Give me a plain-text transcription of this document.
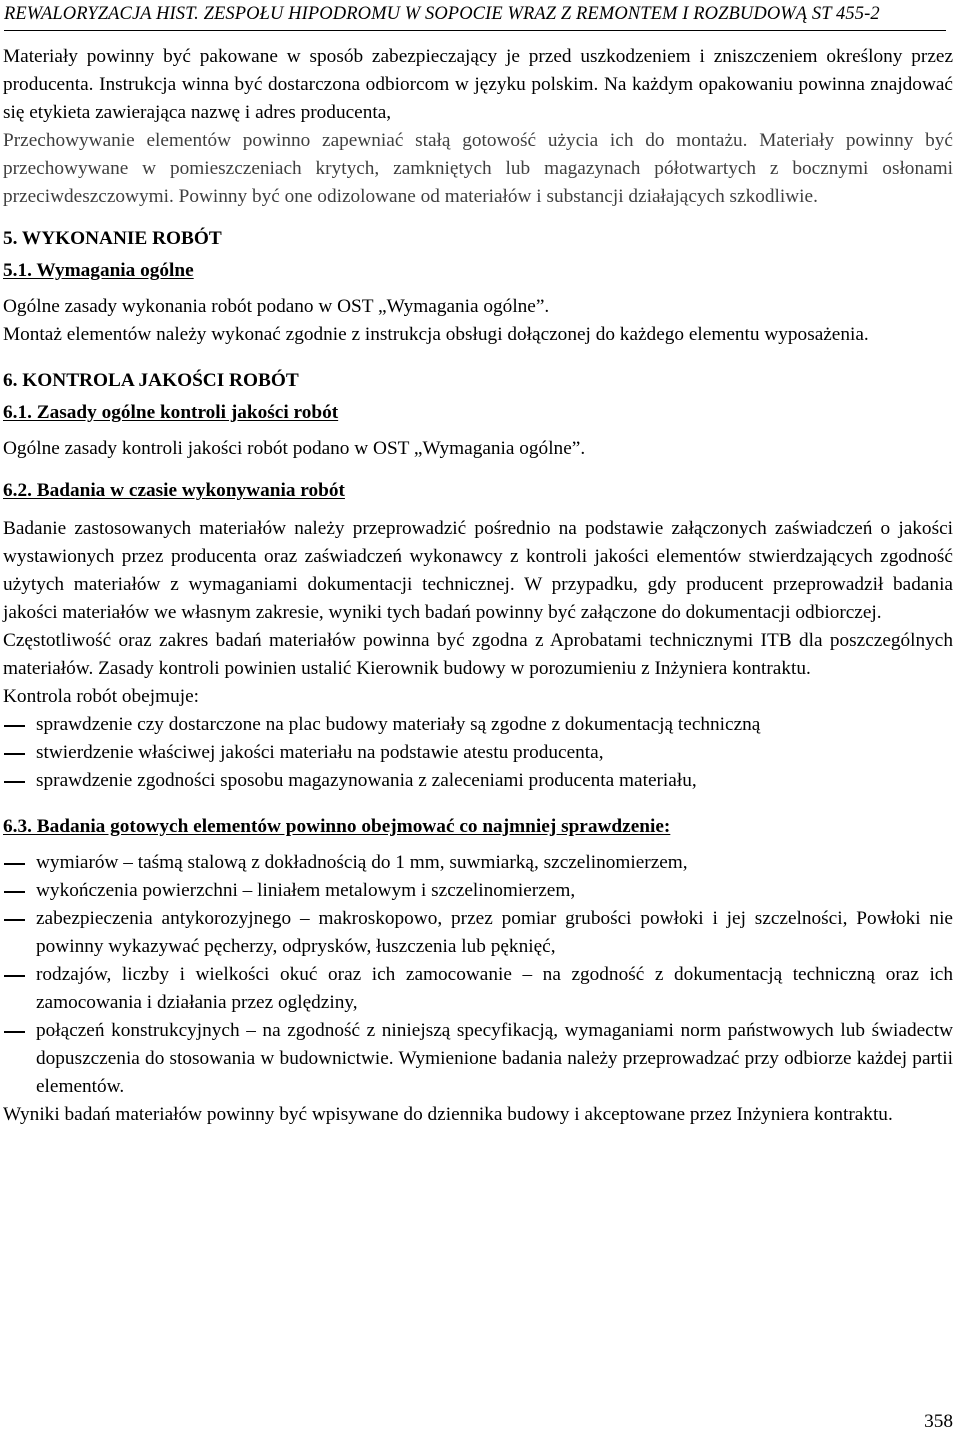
REWALORYZACJA HIST. ZESPOŁU HIPODROMU W SOPOCIE WRAZ Z REMONTEM I ROZBUDOWĄ ST 455-2

Materiały powinny być pakowane w sposób zabezpieczający je przed uszkodzeniem i zniszczeniem określony przez producenta. Instrukcja winna być dostarczona odbiorcom w języku polskim. Na każdym opakowaniu powinna znajdować się etykieta zawierająca nazwę i adres producenta,

Przechowywanie elementów powinno zapewniać stałą gotowość użycia ich do montażu. Materiały powinny być przechowywane w pomieszczeniach krytych, zamkniętych lub magazynach półotwartych z bocznymi osłonami przeciwdeszczowymi. Powinny być one odizolowane od materiałów i substancji działających szkodliwie.

5. WYKONANIE ROBÓT
5.1. Wymagania ogólne

Ogólne zasady wykonania robót podano w OST „Wymagania ogólne”.

Montaż elementów należy wykonać zgodnie z instrukcja obsługi dołączonej do każdego elementu wyposażenia.

6. KONTROLA JAKOŚCI ROBÓT
6.1. Zasady ogólne kontroli jakości robót

Ogólne zasady kontroli jakości robót podano w OST „Wymagania ogólne”.

6.2. Badania w czasie wykonywania robót

Badanie zastosowanych materiałów należy przeprowadzić pośrednio na podstawie załączonych zaświadczeń o jakości wystawionych przez producenta oraz zaświadczeń wykonawcy z kontroli jakości elementów stwierdzających zgodność użytych materiałów z wymaganiami dokumentacji technicznej. W przypadku, gdy producent przeprowadził badania jakości materiałów we własnym zakresie, wyniki tych badań powinny być załączone do dokumentacji odbiorczej.

Częstotliwość oraz zakres badań materiałów powinna być zgodna z Aprobatami technicznymi ITB dla poszczególnych materiałów. Zasady kontroli powinien ustalić Kierownik budowy w porozumieniu z Inżyniera kontraktu.

Kontrola robót obejmuje:

sprawdzenie czy dostarczone na plac budowy materiały są zgodne z dokumentacją techniczną
stwierdzenie właściwej jakości materiału na podstawie atestu producenta,
sprawdzenie zgodności sposobu magazynowania z zaleceniami producenta materiału,
6.3. Badania gotowych elementów powinno obejmować co najmniej sprawdzenie:
wymiarów – taśmą stalową z dokładnością do 1 mm, suwmiarką, szczelinomierzem,
wykończenia powierzchni – liniałem metalowym i szczelinomierzem,
zabezpieczenia antykorozyjnego – makroskopowo, przez pomiar grubości powłoki i jej szczelności, Powłoki nie powinny wykazywać pęcherzy, odprysków, łuszczenia lub pęknięć,
rodzajów, liczby i wielkości okuć oraz ich zamocowanie – na zgodność z dokumentacją techniczną oraz ich zamocowania i działania przez oględziny,
połączeń konstrukcyjnych – na zgodność z niniejszą specyfikacją, wymaganiami norm państwowych lub świadectw dopuszczenia do stosowania w budownictwie. Wymienione badania należy przeprowadzać przy odbiorze każdej partii elementów.

Wyniki badań materiałów powinny być wpisywane do dziennika budowy i akceptowane przez Inżyniera kontraktu.

358
